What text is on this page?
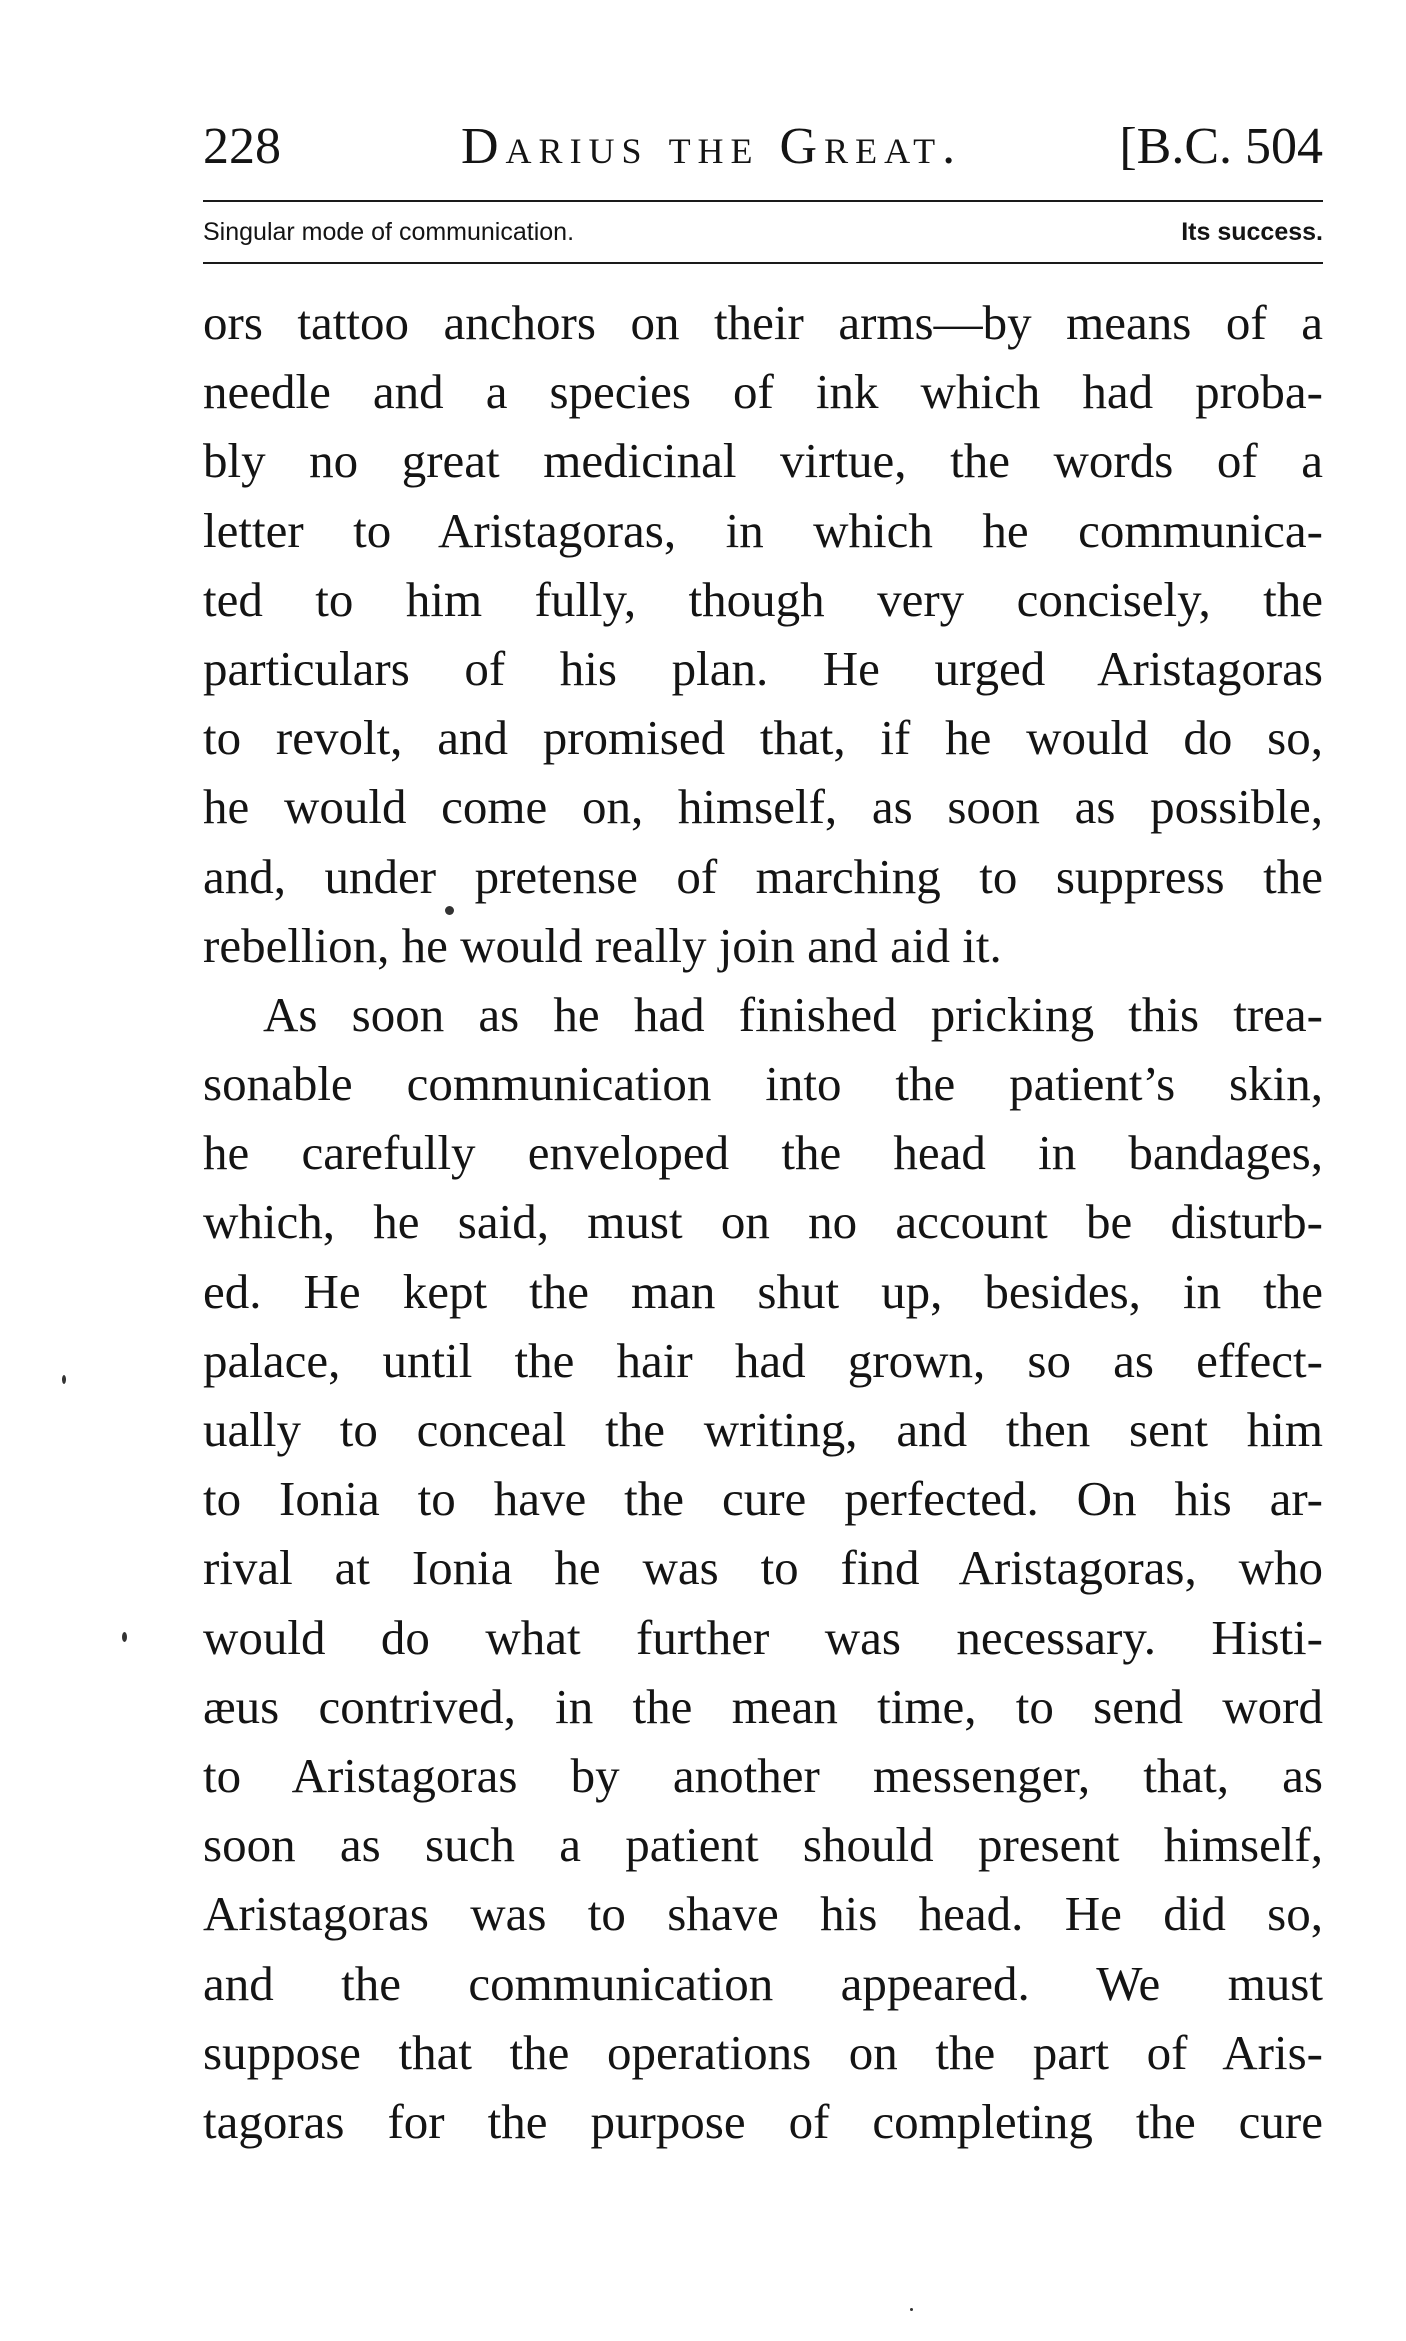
228	Darius the Great.	[B.C. 504
Singular mode of communication.	Its success.
ors tattoo anchors on their arms—by means of a
needle and a species of ink which had proba-
bly no great medicinal virtue, the words of a
letter to Aristagoras, in which he communica-
ted to him fully, though very concisely, the
particulars of his plan. He urged Aristagoras
to revolt, and promised that, if he would do so,
he would come on, himself, as soon as possible,
and, under pretense of marching to suppress the
rebellion, he would really join and aid it.
As soon as he had finished pricking this trea-
sonable communication into the patient’s skin,
he carefully enveloped the head in bandages,
which, he said, must on no account be disturb-
ed. He kept the man shut up, besides, in the
palace, until the hair had grown, so as effect-
ually to conceal the writing, and then sent him
to Ionia to have the cure perfected. On his ar-
rival at Ionia he was to find Aristagoras, who
would do what further was necessary. Histi-
æus contrived, in the mean time, to send word
to Aristagoras by another messenger, that, as
soon as such a patient should present himself,
Aristagoras was to shave his head. He did so,
and the communication appeared. We must
suppose that the operations on the part of Aris-
tagoras for the purpose of completing the cure
